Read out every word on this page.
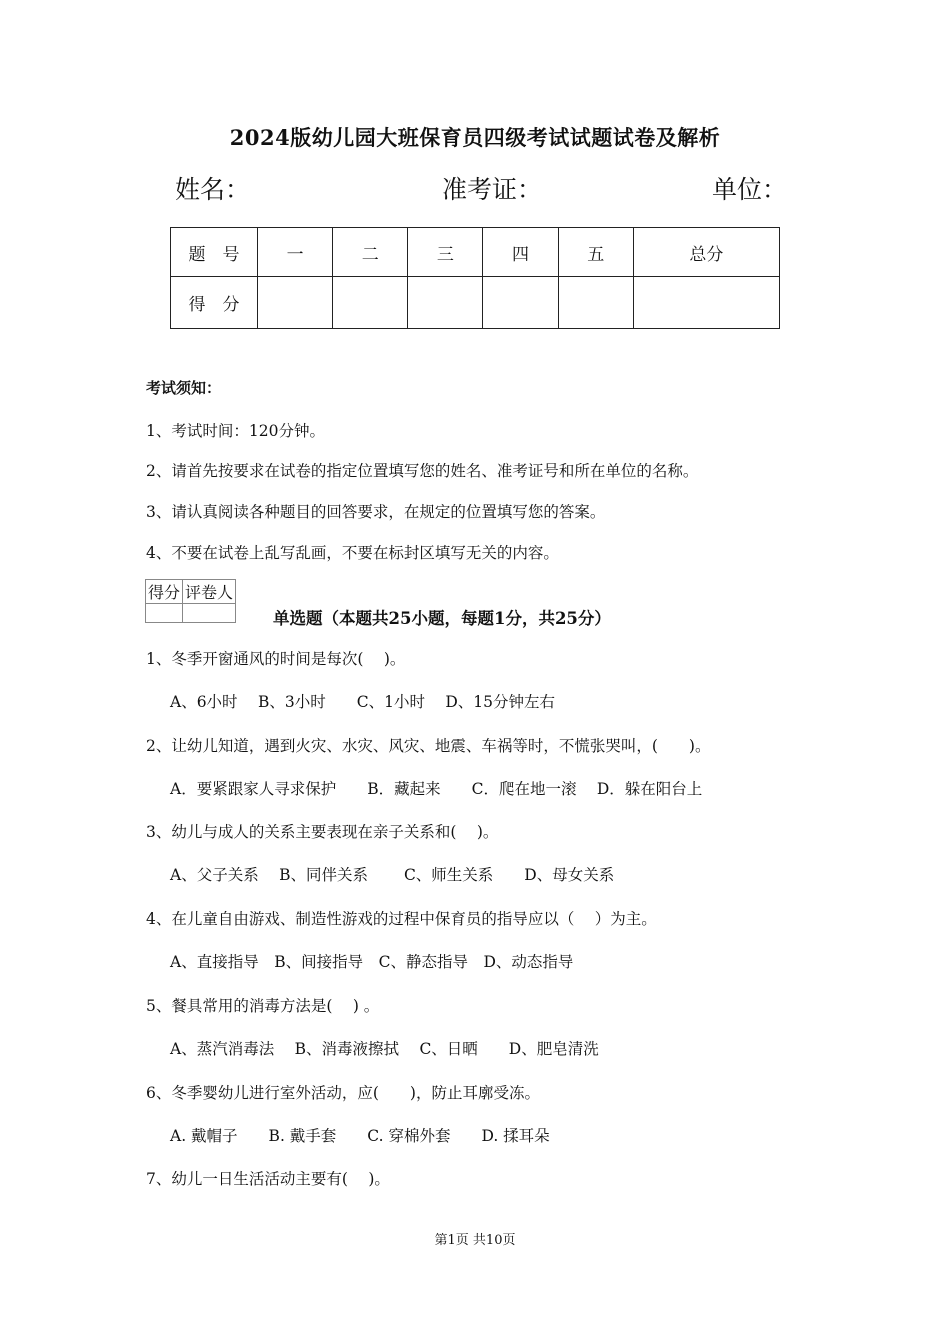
2024版幼儿园大班保育员四级考试试题试卷及解析
姓名：	准考证：	单位：
题　号	一	二	三	四	五	总分
得　分						
考试须知：
1、考试时间：120分钟。
2、请首先按要求在试卷的指定位置填写您的姓名、准考证号和所在单位的名称。
3、请认真阅读各种题目的回答要求，在规定的位置填写您的答案。
4、不要在试卷上乱写乱画，不要在标封区填写无关的内容。
得分	评卷人

单选题（本题共25小题，每题1分，共25分）
1、冬季开窗通风的时间是每次(　 )。
A、6小时　 B、3小时　　C、1小时　 D、15分钟左右
2、让幼儿知道，遇到火灾、水灾、风灾、地震、车祸等时，不慌张哭叫，(　　)。
A．要紧跟家人寻求保护　　B．藏起来　　C．爬在地一滚　 D．躲在阳台上
3、幼儿与成人的关系主要表现在亲子关系和(　 )。
A、父子关系　 B、同伴关系　　 C、师生关系　　D、母女关系
4、在儿童自由游戏、制造性游戏的过程中保育员的指导应以（　 ）为主。
A、直接指导　B、间接指导　C、静态指导　D、动态指导
5、餐具常用的消毒方法是(　 ) 。
A、蒸汽消毒法　 B、消毒液擦拭　 C、日晒　　D、肥皂清洗
6、冬季婴幼儿进行室外活动，应(　　)，防止耳廓受冻。
A. 戴帽子　　B. 戴手套　　C. 穿棉外套　　D. 揉耳朵
7、幼儿一日生活活动主要有(　 )。
第1页 共10页
